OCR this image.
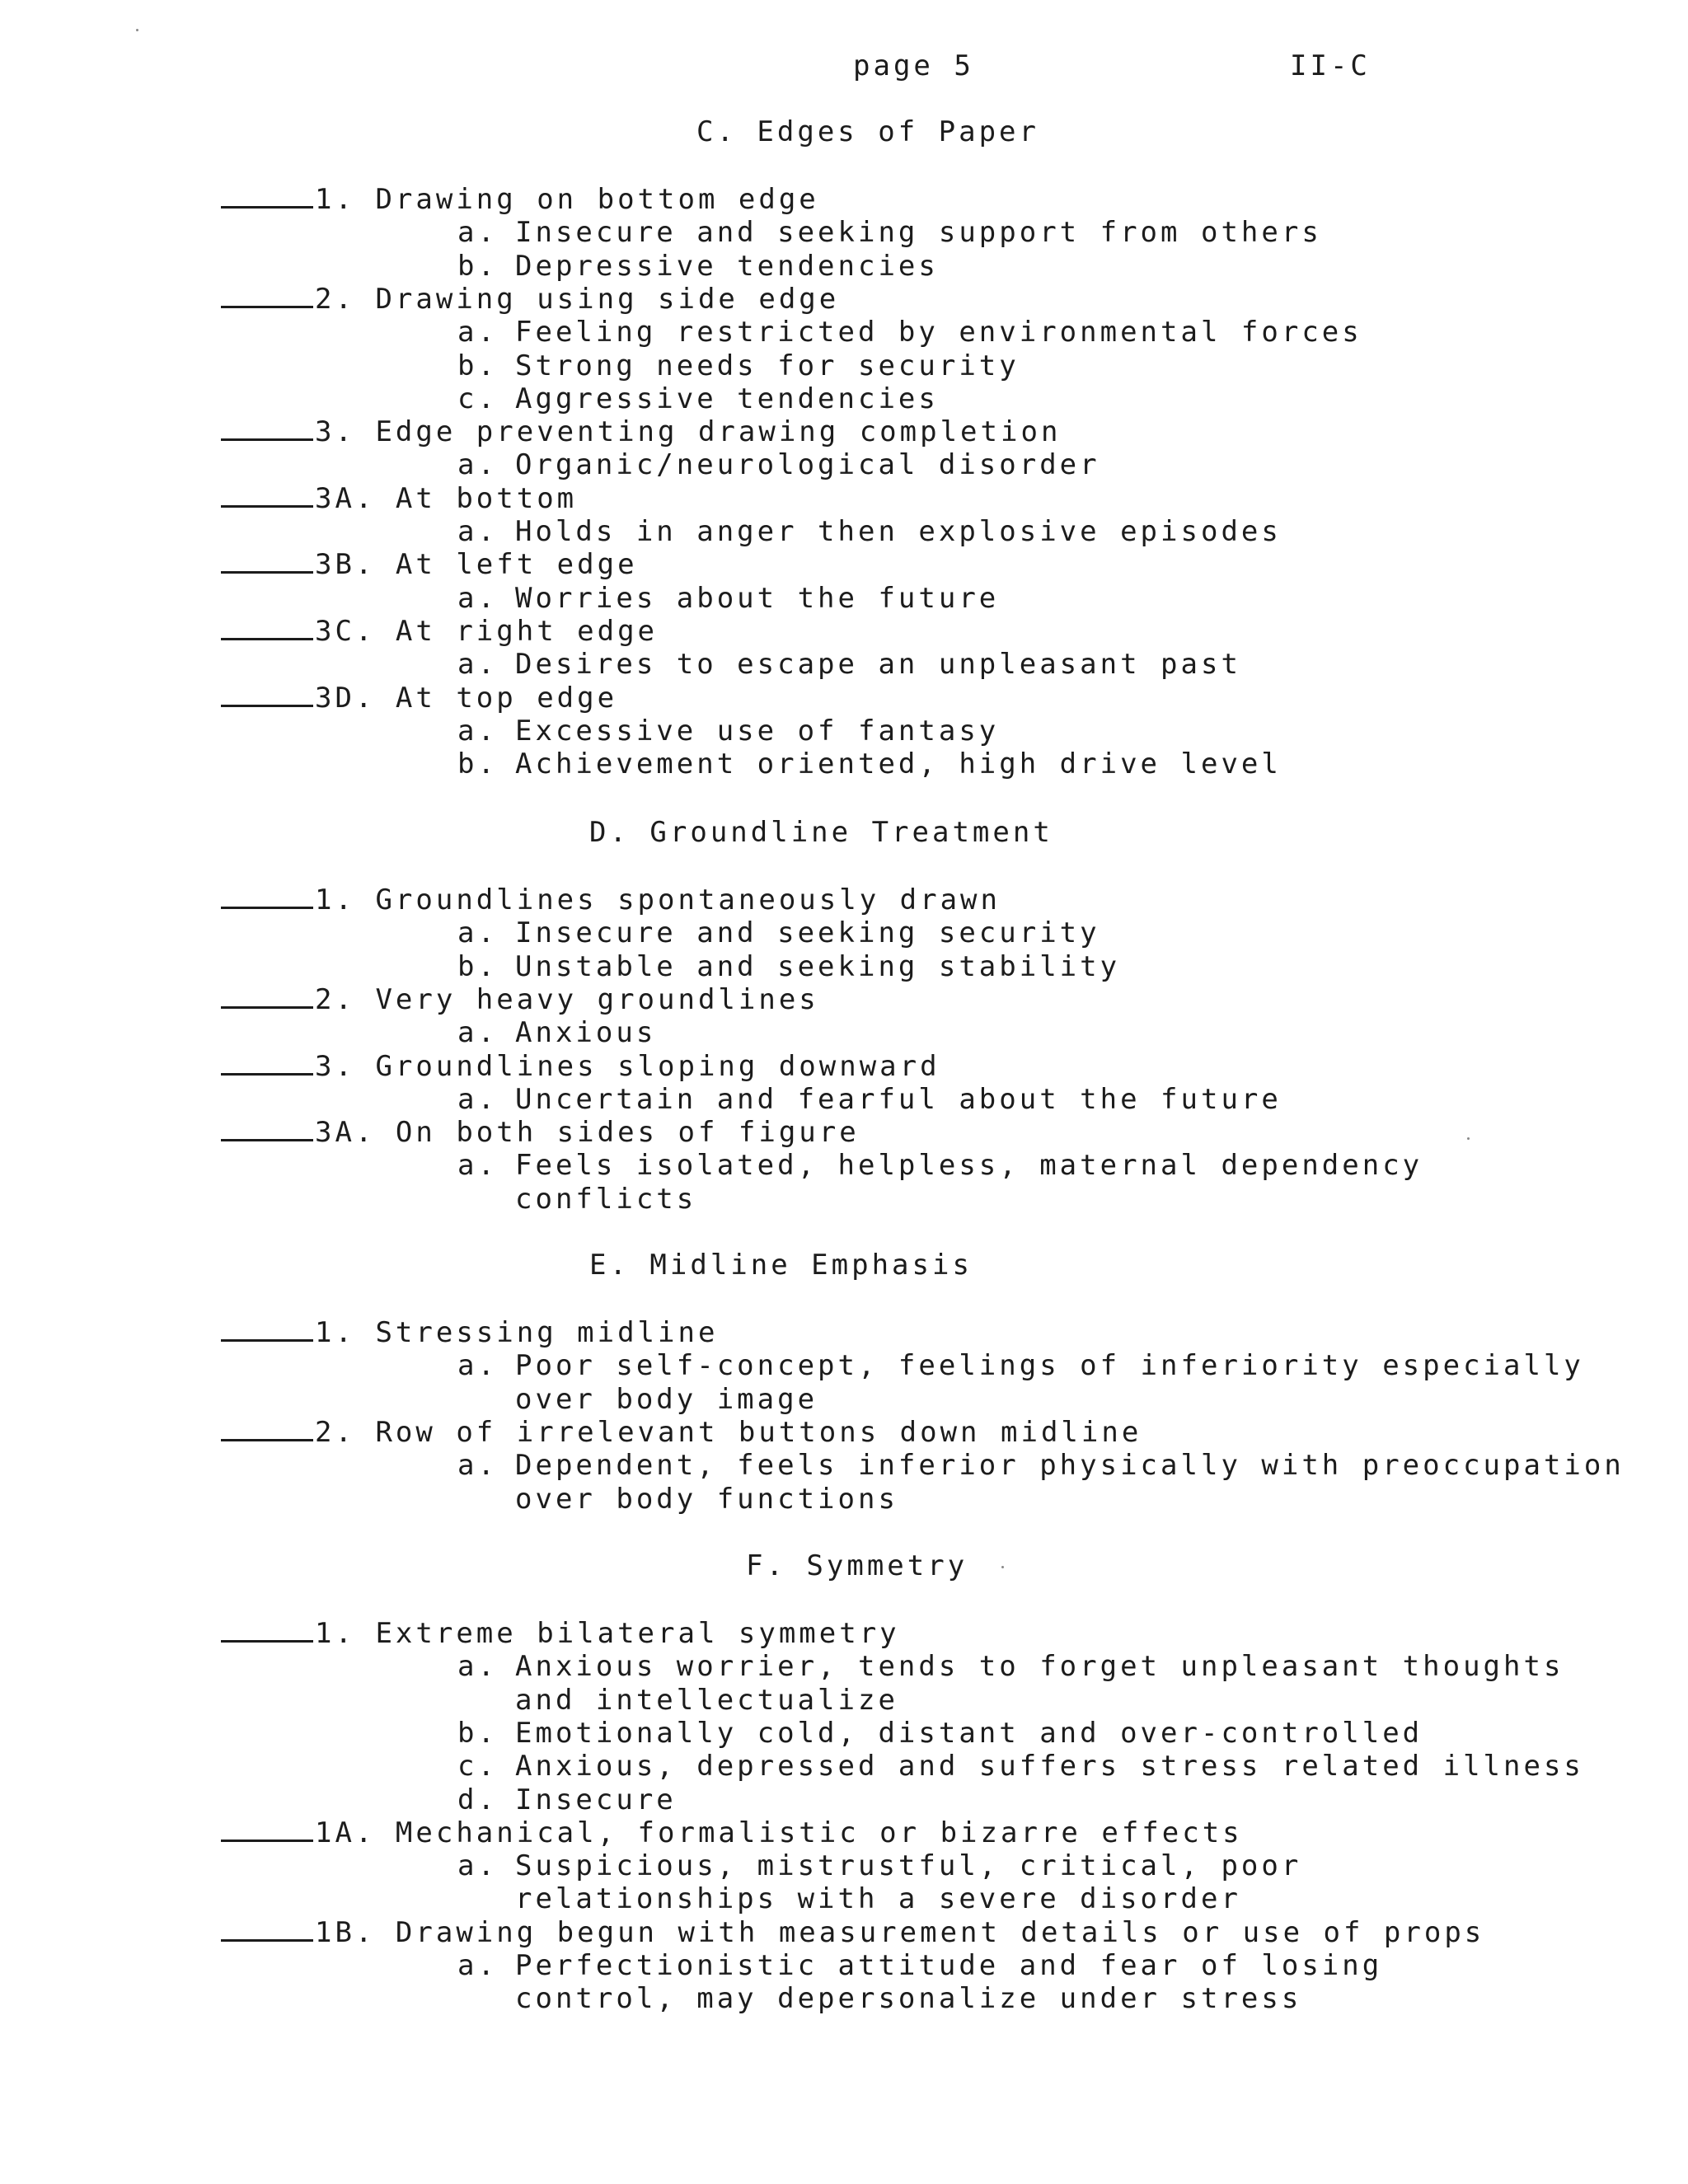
page 5	II-C
C. Edges of Paper
1. Drawing on bottom edge
a. Insecure and seeking support from others
b. Depressive tendencies
2. Drawing using side edge
a. Feeling restricted by environmental forces
b. Strong needs for security
c. Aggressive tendencies
3. Edge preventing drawing completion
a. Organic/neurological disorder
3A. At bottom
a. Holds in anger then explosive episodes
3B. At left edge
a. Worries about the future
3C. At right edge
a. Desires to escape an unpleasant past
3D. At top edge
a. Excessive use of fantasy
b. Achievement oriented, high drive level
D. Groundline Treatment
1. Groundlines spontaneously drawn
a. Insecure and seeking security
b. Unstable and seeking stability
2. Very heavy groundlines
a. Anxious
3. Groundlines sloping downward
a. Uncertain and fearful about the future
3A. On both sides of figure
a. Feels isolated, helpless, maternal dependency
conflicts
E. Midline Emphasis
1. Stressing midline
a. Poor self-concept, feelings of inferiority especially
over body image
2. Row of irrelevant buttons down midline
a. Dependent, feels inferior physically with preoccupation
over body functions
F. Symmetry
1. Extreme bilateral symmetry
a. Anxious worrier, tends to forget unpleasant thoughts
and intellectualize
b. Emotionally cold, distant and over-controlled
c. Anxious, depressed and suffers stress related illness
d. Insecure
1A. Mechanical, formalistic or bizarre effects
a. Suspicious, mistrustful, critical, poor
relationships with a severe disorder
1B. Drawing begun with measurement details or use of props
a. Perfectionistic attitude and fear of losing
control, may depersonalize under stress
